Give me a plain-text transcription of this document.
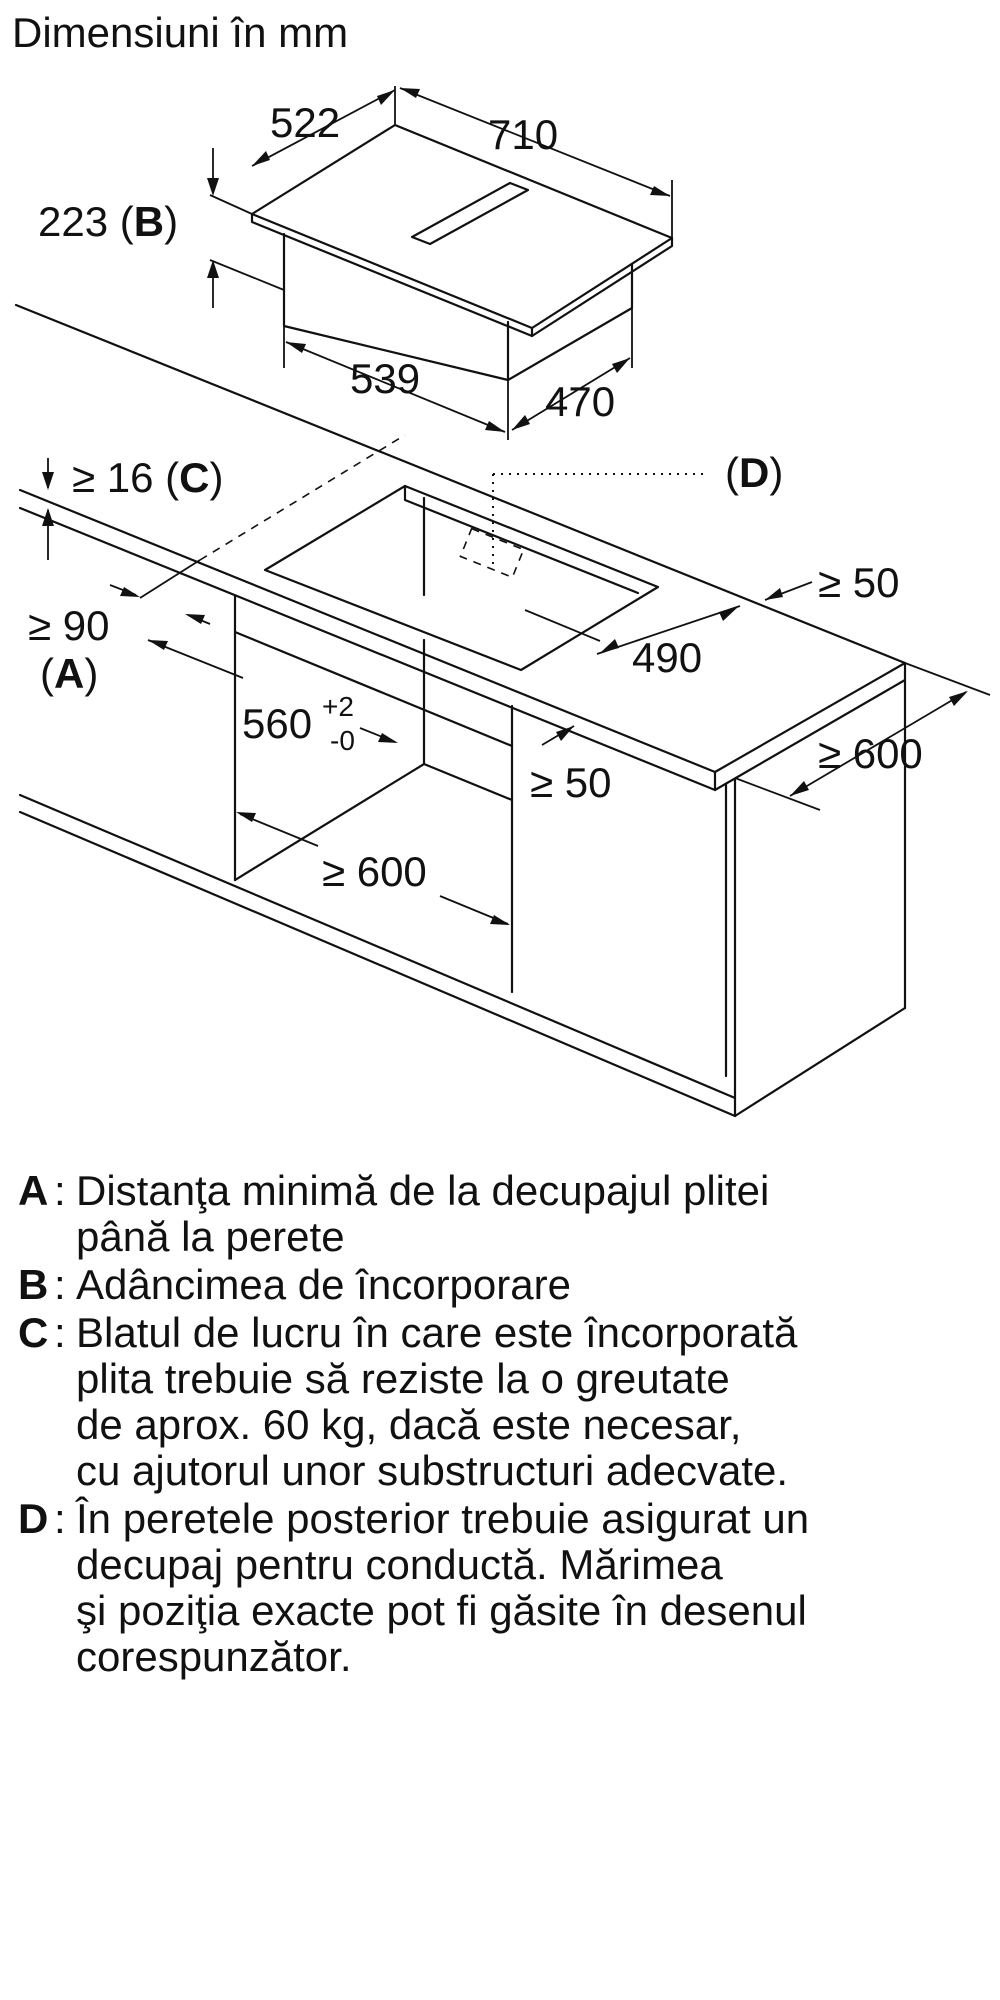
Dimensiuni în mm
522	710
223 (B)
539	470
≥ 16 (C)	(D)
≥ 90
(A)
560 +2
-0
490
≥ 50
≥ 50
≥ 600
≥ 600
A : Distanţa minimă de la decupajul plitei
până la perete
B : Adâncimea de încorporare
C : Blatul de lucru în care este încorporată
plita trebuie să reziste la o greutate
de aprox. 60 kg, dacă este necesar,
cu ajutorul unor substructuri adecvate.
D : În peretele posterior trebuie asigurat un
decupaj pentru conductă. Mărimea
şi poziţia exacte pot fi găsite în desenul
corespunzător.
